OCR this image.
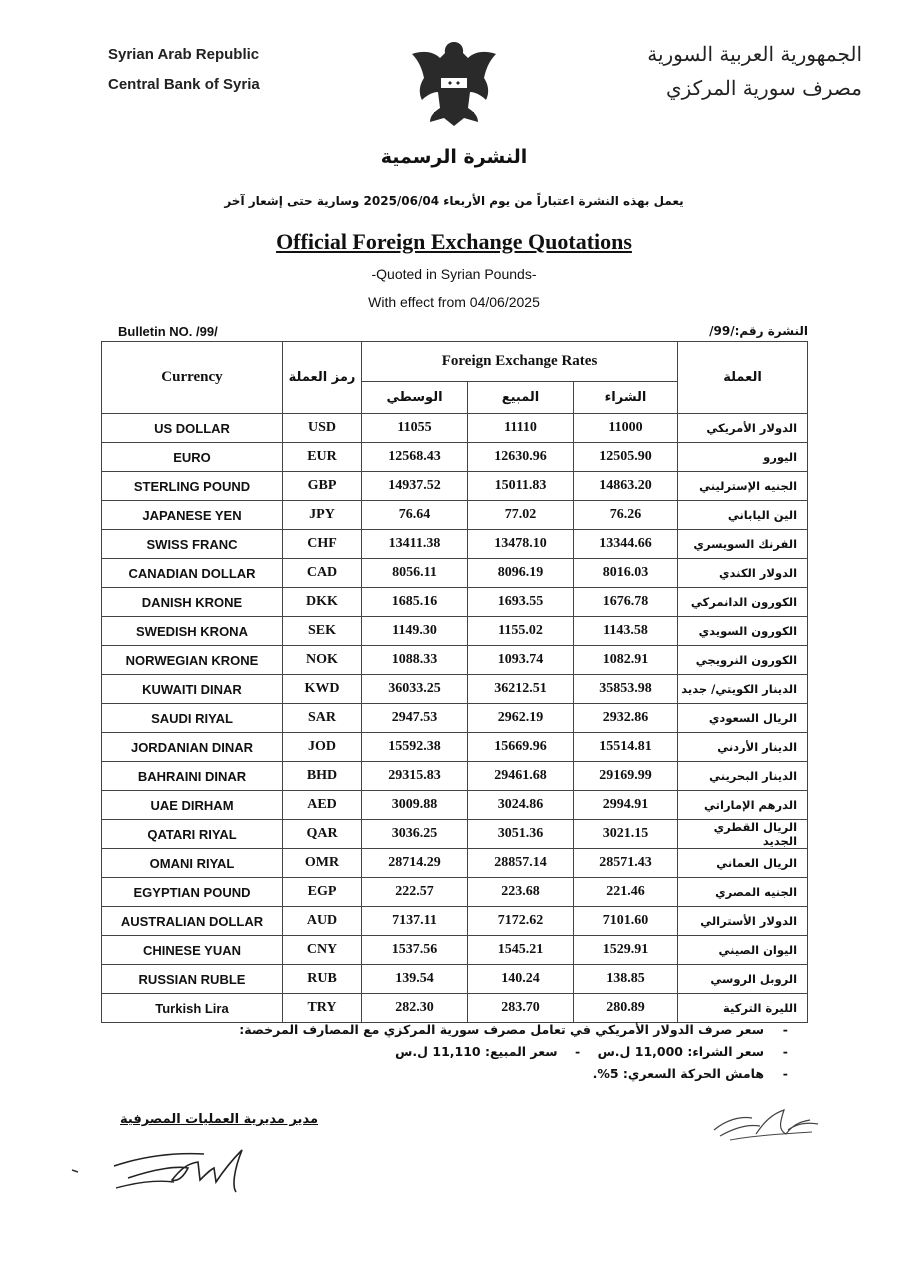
Syrian Arab Republic
Central Bank of Syria
الجمهورية العربية السورية
مصرف سورية المركزي
النشرة الرسمية
يعمل بهذه النشرة اعتباراً من يوم الأربعاء 2025/06/04 وسارية حتى إشعار آخر
Official Foreign Exchange Quotations
-Quoted in Syrian Pounds-
With effect from 04/06/2025
Bulletin NO. /99/	النشرة رقم:/99/
Currency	رمز العملة	Foreign Exchange Rates			العملة
		الوسطي	المبيع	الشراء	
US DOLLAR	USD	11055	11110	11000	الدولار الأمريكي
EURO	EUR	12568.43	12630.96	12505.90	اليورو
STERLING POUND	GBP	14937.52	15011.83	14863.20	الجنيه الإسترليني
JAPANESE YEN	JPY	76.64	77.02	76.26	الين الياباني
SWISS FRANC	CHF	13411.38	13478.10	13344.66	الفرنك السويسري
CANADIAN DOLLAR	CAD	8056.11	8096.19	8016.03	الدولار الكندي
DANISH KRONE	DKK	1685.16	1693.55	1676.78	الكورون الدانمركي
SWEDISH KRONA	SEK	1149.30	1155.02	1143.58	الكورون السويدي
NORWEGIAN KRONE	NOK	1088.33	1093.74	1082.91	الكورون النرويجي
KUWAITI DINAR	KWD	36033.25	36212.51	35853.98	الدينار الكويتي/ جديد
SAUDI RIYAL	SAR	2947.53	2962.19	2932.86	الريال السعودي
JORDANIAN DINAR	JOD	15592.38	15669.96	15514.81	الدينار الأردني
BAHRAINI DINAR	BHD	29315.83	29461.68	29169.99	الدينار البحريني
UAE DIRHAM	AED	3009.88	3024.86	2994.91	الدرهم الإماراتي
QATARI RIYAL	QAR	3036.25	3051.36	3021.15	الريال القطري الجديد
OMANI RIYAL	OMR	28714.29	28857.14	28571.43	الريال العماني
EGYPTIAN POUND	EGP	222.57	223.68	221.46	الجنيه المصري
AUSTRALIAN DOLLAR	AUD	7137.11	7172.62	7101.60	الدولار الأسترالي
CHINESE YUAN	CNY	1537.56	1545.21	1529.91	اليوان الصيني
RUSSIAN RUBLE	RUB	139.54	140.24	138.85	الروبل الروسي
Turkish Lira	TRY	282.30	283.70	280.89	الليرة التركية
-سعر صرف الدولار الأمريكي في تعامل مصرف سورية المركزي مع المصارف المرخصة:
-سعر الشراء: 11,000 ل.س-سعر المبيع: 11,110 ل.س
-هامش الحركة السعري: 5%.
مدير مديرية العمليات المصرفية
